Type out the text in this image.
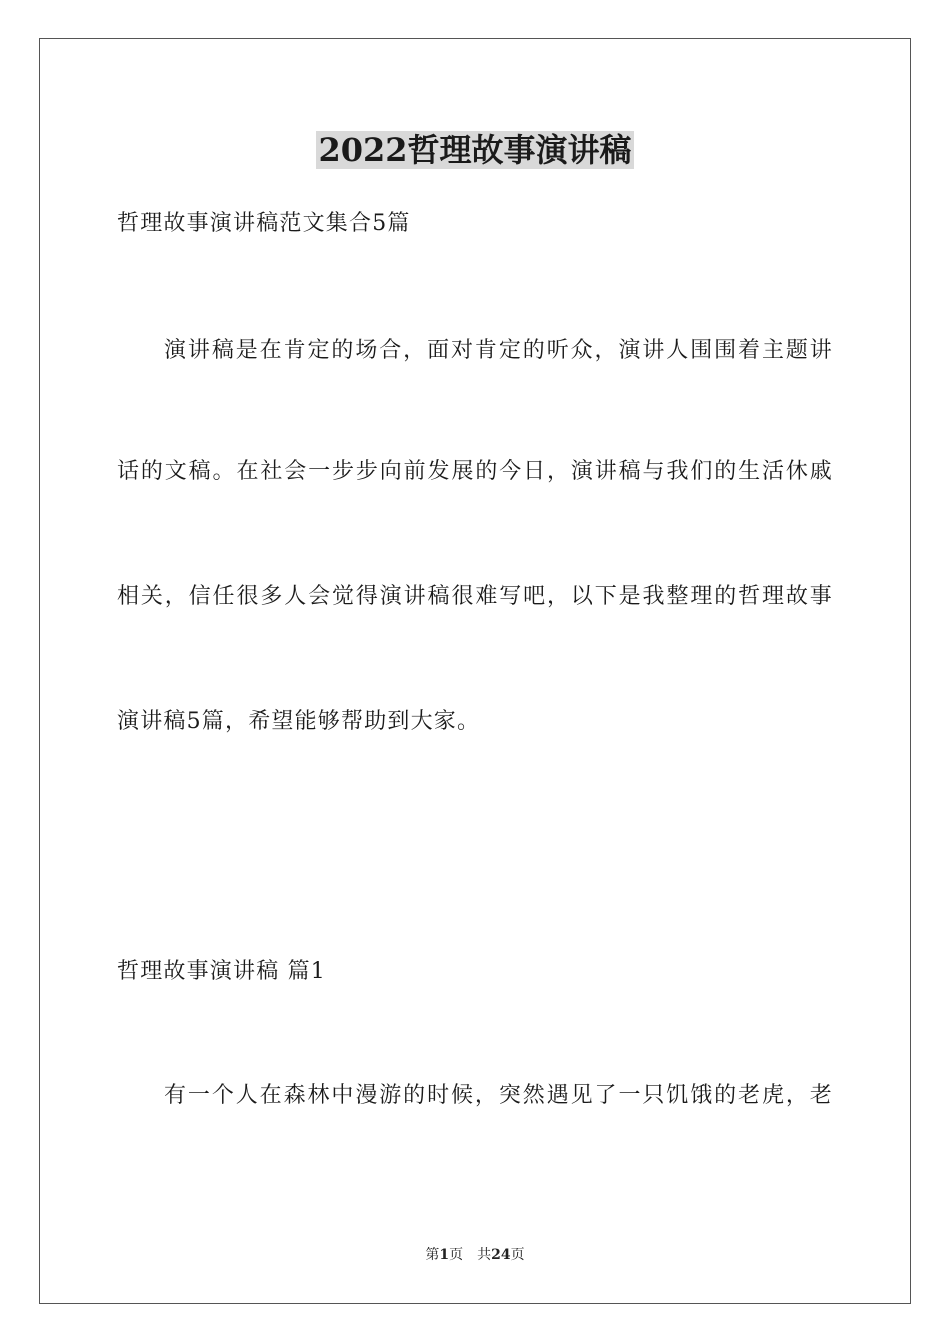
2022哲理故事演讲稿
哲理故事演讲稿范文集合5篇
演讲稿是在肯定的场合，面对肯定的听众，演讲人围围着主题讲
话的文稿。在社会一步步向前发展的今日，演讲稿与我们的生活休戚
相关，信任很多人会觉得演讲稿很难写吧，以下是我整理的哲理故事
演讲稿5篇，希望能够帮助到大家。
哲理故事演讲稿 篇1
有一个人在森林中漫游的时候，突然遇见了一只饥饿的老虎，老
第1页 共24页
